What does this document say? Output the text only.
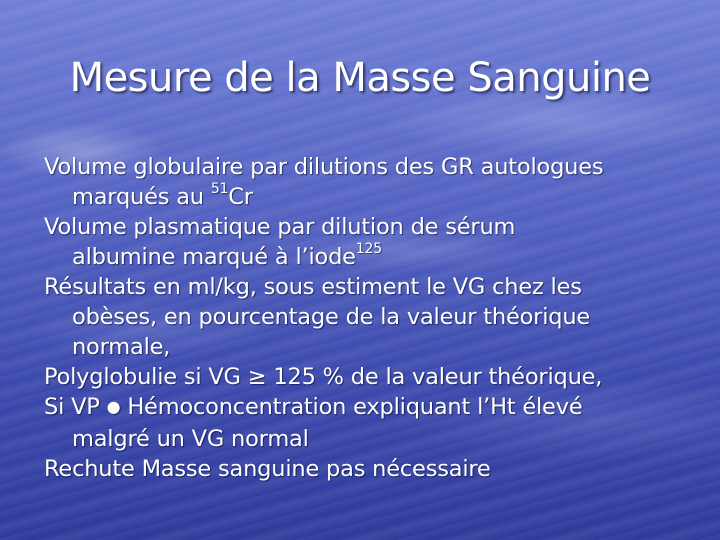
Mesure de la Masse Sanguine
Volume globulaire par dilutions des GR autologues
marqués au $^{51}$Cr
Volume plasmatique par dilution de sérum
albumine marqué à l’iode$^{125}$
Résultats en ml/kg, sous estiment le VG chez les
obèses, en pourcentage de la valeur théorique
normale,
Polyglobulie si VG ≥ 125 % de la valeur théorique,
Si VP ● Hémoconcentration expliquant l’Ht élevé
malgré un VG normal
Rechute Masse sanguine pas nécessaire
